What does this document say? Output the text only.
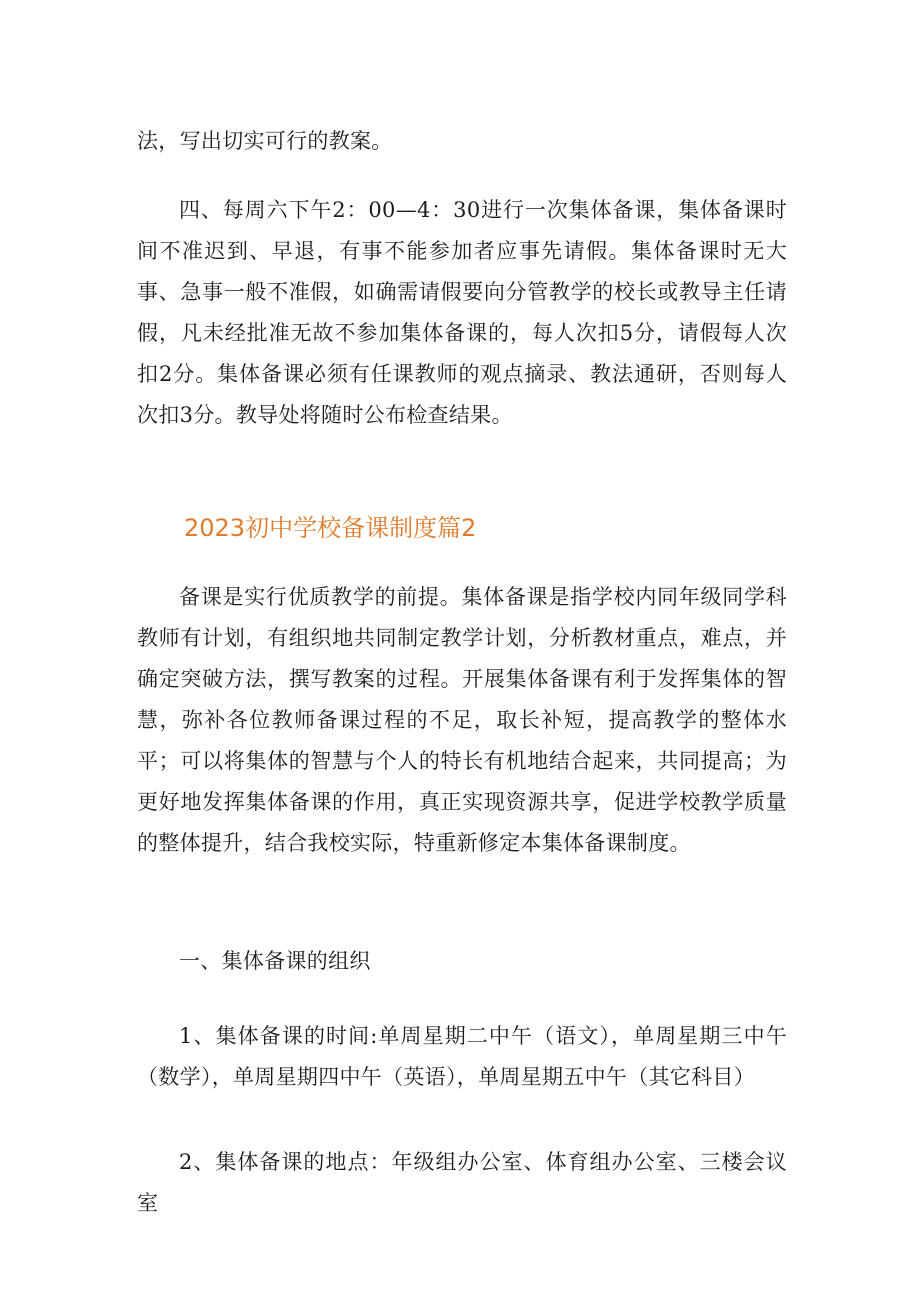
法，写出切实可行的教案。

四、每周六下午2：00—4：30进行一次集体备课，集体备课时间不准迟到、早退，有事不能参加者应事先请假。集体备课时无大事、急事一般不准假，如确需请假要向分管教学的校长或教导主任请假，凡未经批准无故不参加集体备课的，每人次扣5分，请假每人次扣2分。集体备课必须有任课教师的观点摘录、教法通研，否则每人次扣3分。教导处将随时公布检查结果。

2023初中学校备课制度篇2

备课是实行优质教学的前提。集体备课是指学校内同年级同学科教师有计划，有组织地共同制定教学计划，分析教材重点，难点，并确定突破方法，撰写教案的过程。开展集体备课有利于发挥集体的智慧，弥补各位教师备课过程的不足，取长补短，提高教学的整体水平；可以将集体的智慧与个人的特长有机地结合起来，共同提高；为更好地发挥集体备课的作用，真正实现资源共享，促进学校教学质量的整体提升，结合我校实际，特重新修定本集体备课制度。

一、集体备课的组织

1、集体备课的时间:单周星期二中午（语文），单周星期三中午（数学），单周星期四中午（英语），单周星期五中午（其它科目）

2、集体备课的地点：年级组办公室、体育组办公室、三楼会议室
